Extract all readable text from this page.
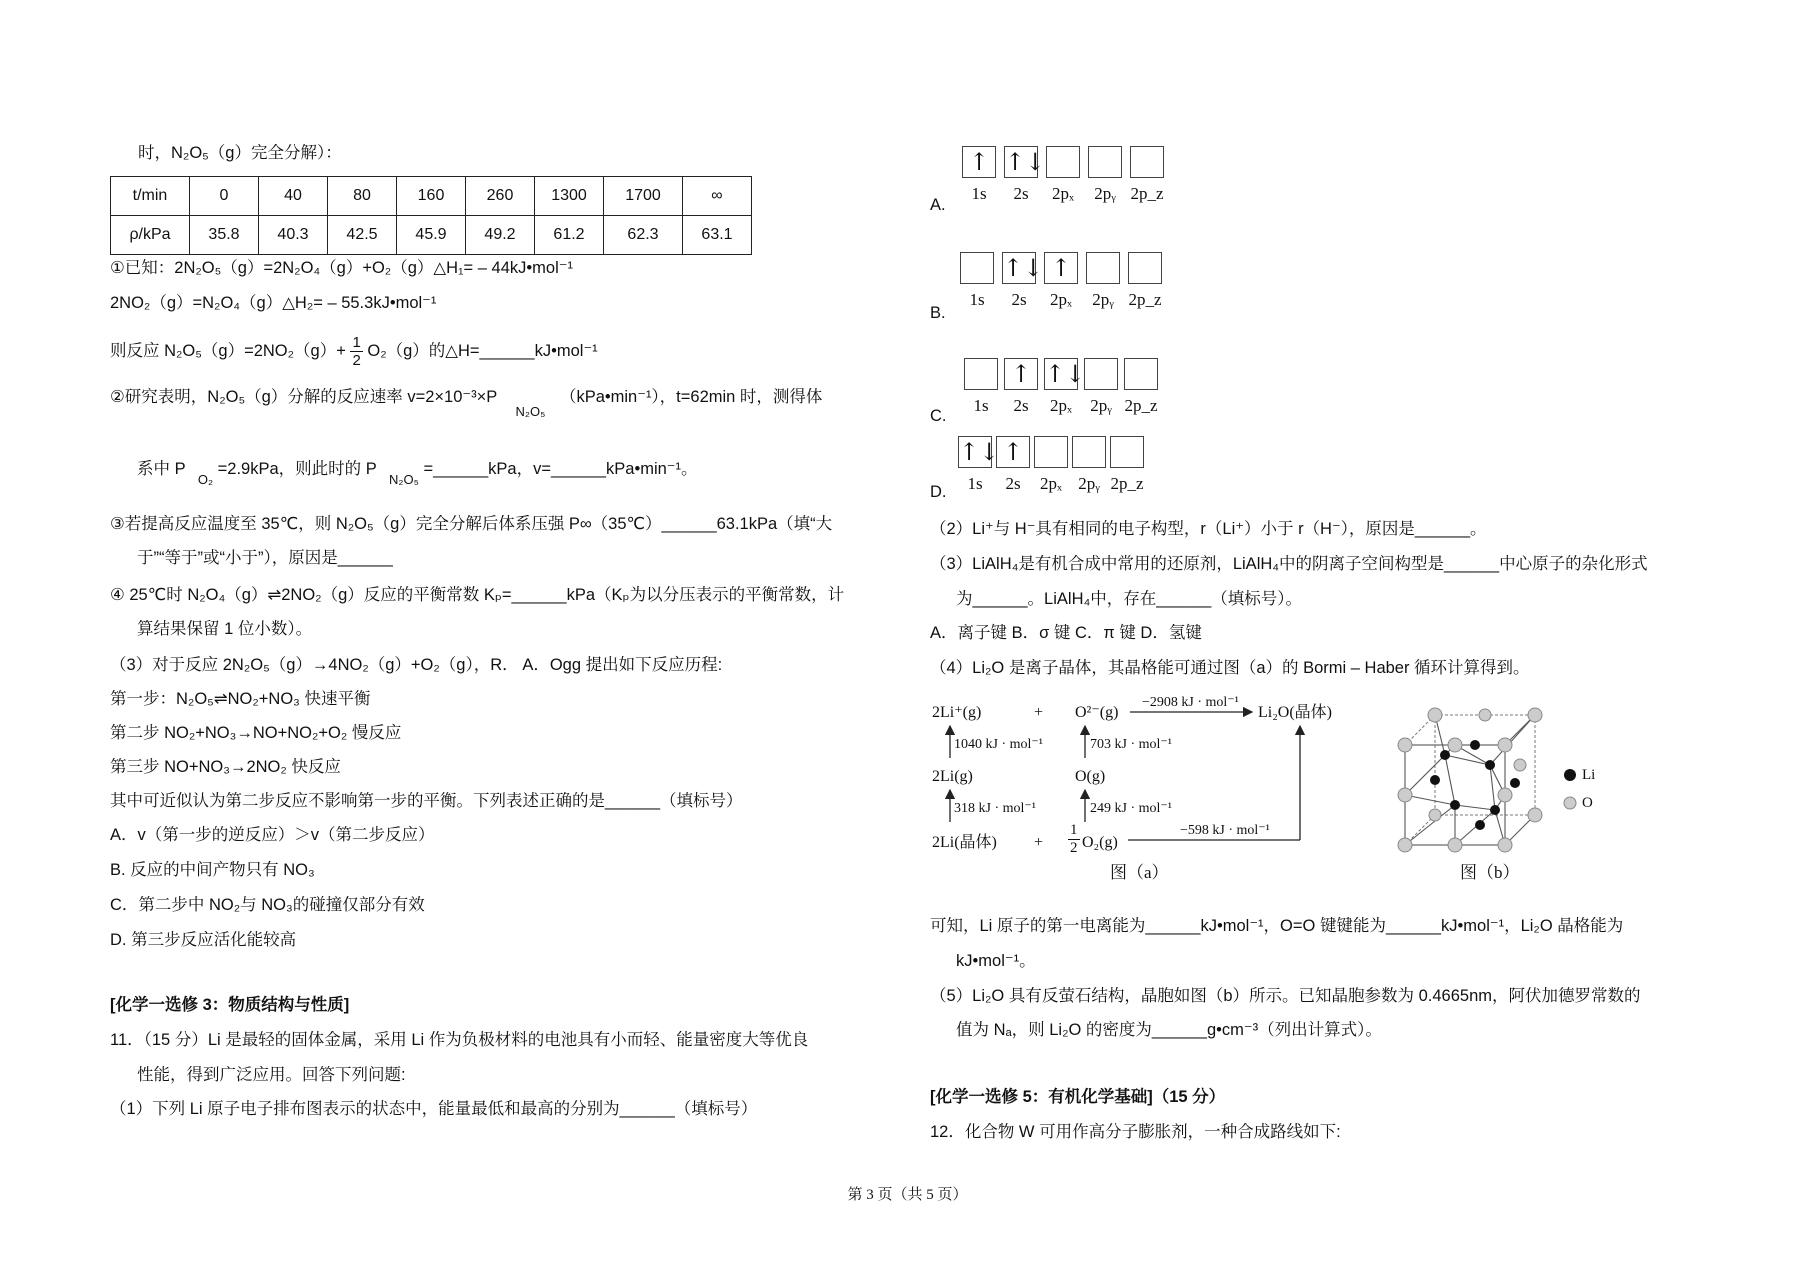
时，N₂O₅（g）完全分解）：
t/min	0	40	80	160	260	1300	1700	∞
ρ/kPa	35.8	40.3	42.5	45.9	49.2	61.2	62.3	63.1
①已知：2N₂O₅（g）=2N₂O₄（g）+O₂（g）△H₁= – 44kJ•mol⁻¹
2NO₂（g）=N₂O₄（g）△H₂= – 55.3kJ•mol⁻¹
则反应 $N_2O_5(g)=2NO_2(g)+ \frac{1}{2} O_2(g)$的△H=______kJ•mol⁻¹
②研究表明，N₂O₅（g）分解的反应速率 v=2×10⁻³×P $_{N_2O_5}$ （kPa•min⁻¹），t=62min 时，测得体
系中 P $_{O_2}$ =2.9kPa，则此时的 P $_{N_2O_5}$ =______kPa，v=______kPa•min⁻¹。
③若提高反应温度至 35℃，则 N₂O₅（g）完全分解后体系压强 P∞（35℃）______63.1kPa（填“大
于”“等于”或“小于”），原因是______
④ 25℃时 N₂O₄（g）⇌2NO₂（g）反应的平衡常数 Kₚ=______kPa（Kₚ为以分压表示的平衡常数，计
算结果保留 1 位小数）。
（3）对于反应 2N₂O₅（g）→4NO₂（g）+O₂（g），R． A．Ogg 提出如下反应历程:
第一步：N₂O₅⇌NO₂+NO₃ 快速平衡
第二步 NO₂+NO₃→NO+NO₂+O₂ 慢反应
第三步 NO+NO₃→2NO₂ 快反应
其中可近似认为第二步反应不影响第一步的平衡。下列表述正确的是______（填标号）
A．v（第一步的逆反应）＞v（第二步反应）
B. 反应的中间产物只有 NO₃
C．第二步中 NO₂与 NO₃的碰撞仅部分有效
D. 第三步反应活化能较高
[化学一选修 3：物质结构与性质]
11．（15 分）Li 是最轻的固体金属，采用 Li 作为负极材料的电池具有小而轻、能量密度大等优良
性能，得到广泛应用。回答下列问题:
（1）下列 Li 原子电子排布图表示的状态中，能量最低和最高的分别为______（填标号）
A.
↑ ↑↓
1s	2s	2pₓ	2pᵧ 2p_z
B.
↑↓ ↑
1s	2s	2pₓ	2pᵧ 2p_z
C.
↑ ↑↓
1s	2s	2pₓ	2pᵧ 2p_z
D.
↑↓ ↑
1s	2s	2pₓ 2pᵧ 2p_z
（2）Li⁺与 H⁻具有相同的电子构型，r（Li⁺）小于 r（H⁻），原因是______。
（3）LiAlH₄是有机合成中常用的还原剂，LiAlH₄中的阴离子空间构型是______中心原子的杂化形式
为______。LiAlH₄中，存在______（填标号）。
A．离子键 B．σ 键 C．π 键 D．氢键
（4）Li₂O 是离子晶体，其晶格能可通过图（a）的 Bormi – Haber 循环计算得到。
2Li⁺(g)	+ O²⁻(g)
−2908 kJ · mol⁻¹
Li₂O(晶体)
1040 kJ · mol⁻¹	703 kJ · mol⁻¹
2Li(g)	O(g)
318 kJ · mol⁻¹	249 kJ · mol⁻¹
2Li(晶体) + $\frac{1}{2} O_2(g)$
−598 kJ · mol⁻¹
图（a）
Li
O
图（b）
可知，Li 原子的第一电离能为______kJ•mol⁻¹，O=O 键键能为______kJ•mol⁻¹，Li₂O 晶格能为
kJ•mol⁻¹。
（5）Li₂O 具有反萤石结构，晶胞如图（b）所示。已知晶胞参数为 0.4665nm，阿伏加德罗常数的
值为 Nₐ，则 Li₂O 的密度为______g•cm⁻³（列出计算式）。
[化学一选修 5：有机化学基础]（15 分）
12．化合物 W 可用作高分子膨胀剂，一种合成路线如下:
第 3 页（共 5 页）
